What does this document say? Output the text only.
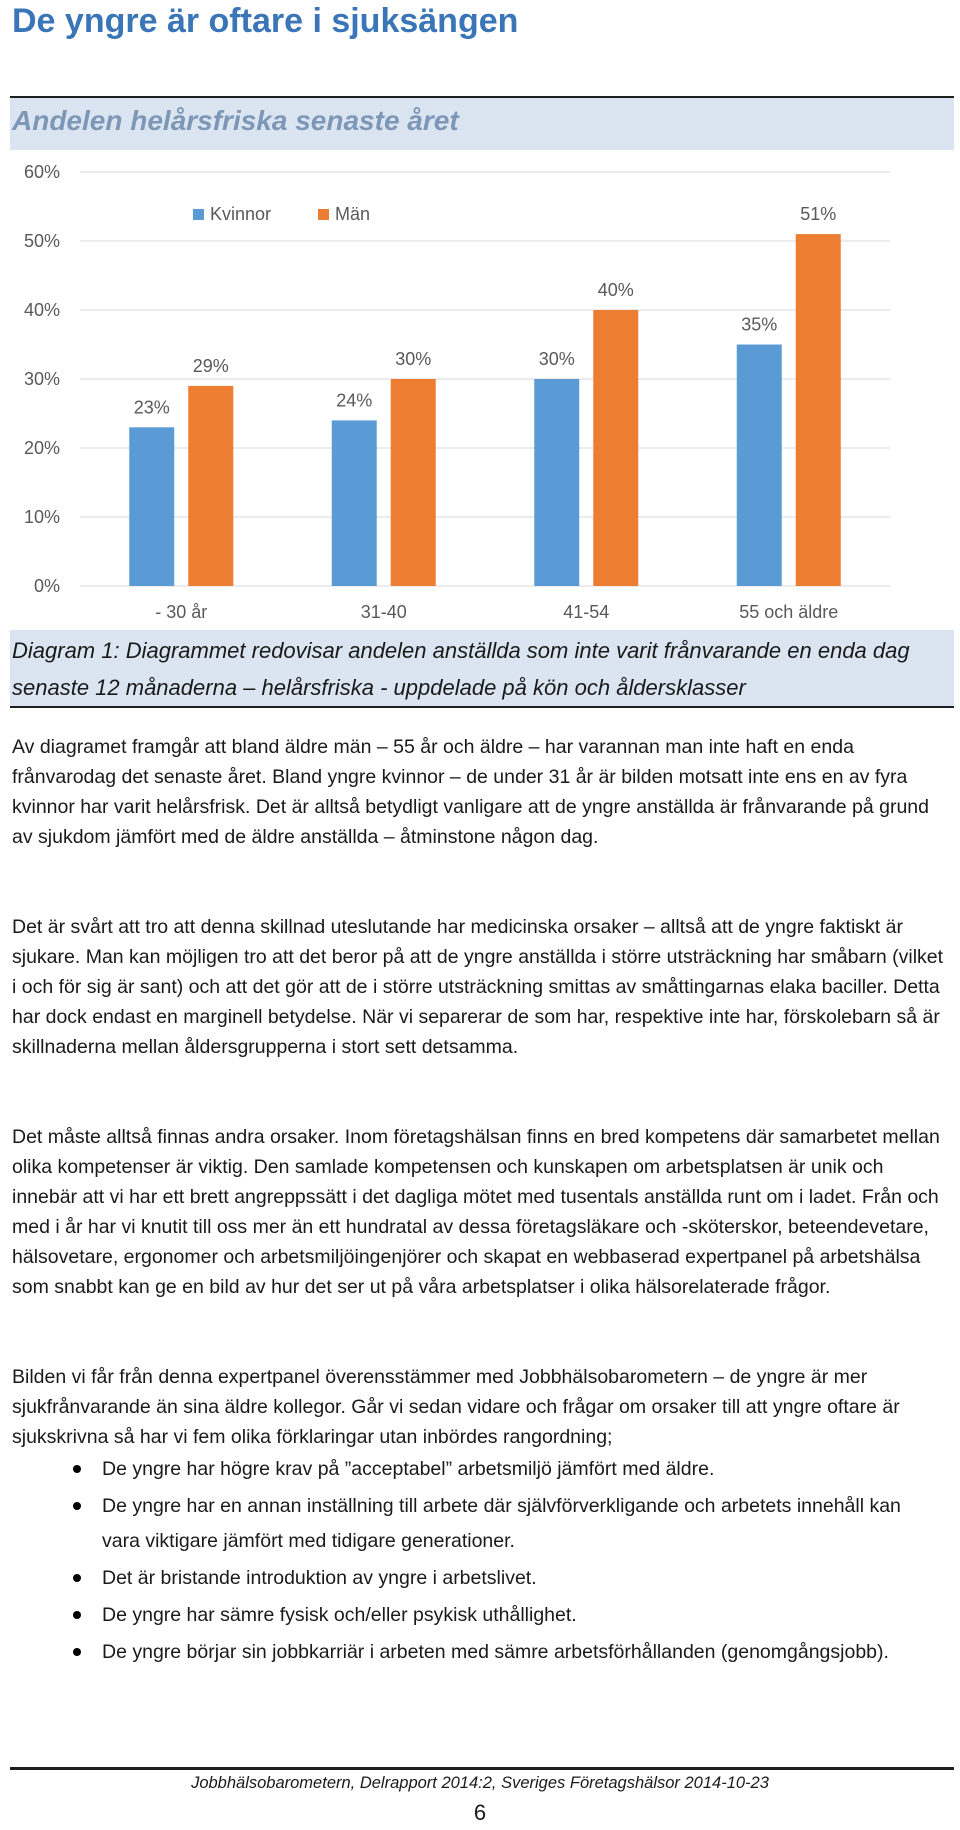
De yngre är oftare i sjuksängen
Andelen helårsfriska senaste året
0%
10%
20%
30%
40%
50%
60%
23%
29%
- 30 år
24%
30%
31-40
30%
40%
41-54
35%
51%
55 och äldre
Kvinnor	Män

Diagram 1: Diagrammet redovisar andelen anställda som inte varit frånvarande en enda dag senaste 12 månaderna – helårsfriska - uppdelade på kön och åldersklasser

Av diagramet framgår att bland äldre män – 55 år och äldre – har varannan man inte haft en enda frånvarodag det senaste året. Bland yngre kvinnor – de under 31 år är bilden motsatt inte ens en av fyra kvinnor har varit helårsfrisk. Det är alltså betydligt vanligare att de yngre anställda är frånvarande på grund av sjukdom jämfört med de äldre anställda – åtminstone någon dag.

Det är svårt att tro att denna skillnad uteslutande har medicinska orsaker – alltså att de yngre faktiskt är sjukare. Man kan möjligen tro att det beror på att de yngre anställda i större utsträckning har småbarn (vilket i och för sig är sant) och att det gör att de i större utsträckning smittas av småttingarnas elaka baciller. Detta har dock endast en marginell betydelse. När vi separerar de som har, respektive inte har, förskolebarn så är skillnaderna mellan åldersgrupperna i stort sett detsamma.

Det måste alltså finnas andra orsaker. Inom företagshälsan finns en bred kompetens där samarbetet mellan olika kompetenser är viktig. Den samlade kompetensen och kunskapen om arbetsplatsen är unik och innebär att vi har ett brett angreppssätt i det dagliga mötet med tusentals anställda runt om i ladet. Från och med i år har vi knutit till oss mer än ett hundratal av dessa företagsläkare och -sköterskor, beteendevetare, hälsovetare, ergonomer och arbetsmiljöingenjörer och skapat en webbaserad expertpanel på arbetshälsa som snabbt kan ge en bild av hur det ser ut på våra arbetsplatser i olika hälsorelaterade frågor.

Bilden vi får från denna expertpanel överensstämmer med Jobbhälsobarometern – de yngre är mer sjukfrånvarande än sina äldre kollegor. Går vi sedan vidare och frågar om orsaker till att yngre oftare är sjukskrivna så har vi fem olika förklaringar utan inbördes rangordning;

De yngre har högre krav på ”acceptabel” arbetsmiljö jämfört med äldre.
De yngre har en annan inställning till arbete där självförverkligande och arbetets innehåll kan vara viktigare jämfört med tidigare generationer.
Det är bristande introduktion av yngre i arbetslivet.
De yngre har sämre fysisk och/eller psykisk uthållighet.
De yngre börjar sin jobbkarriär i arbeten med sämre arbetsförhållanden (genomgångsjobb).
Jobbhälsobarometern, Delrapport 2014:2, Sveriges Företagshälsor 2014-10-23
6
